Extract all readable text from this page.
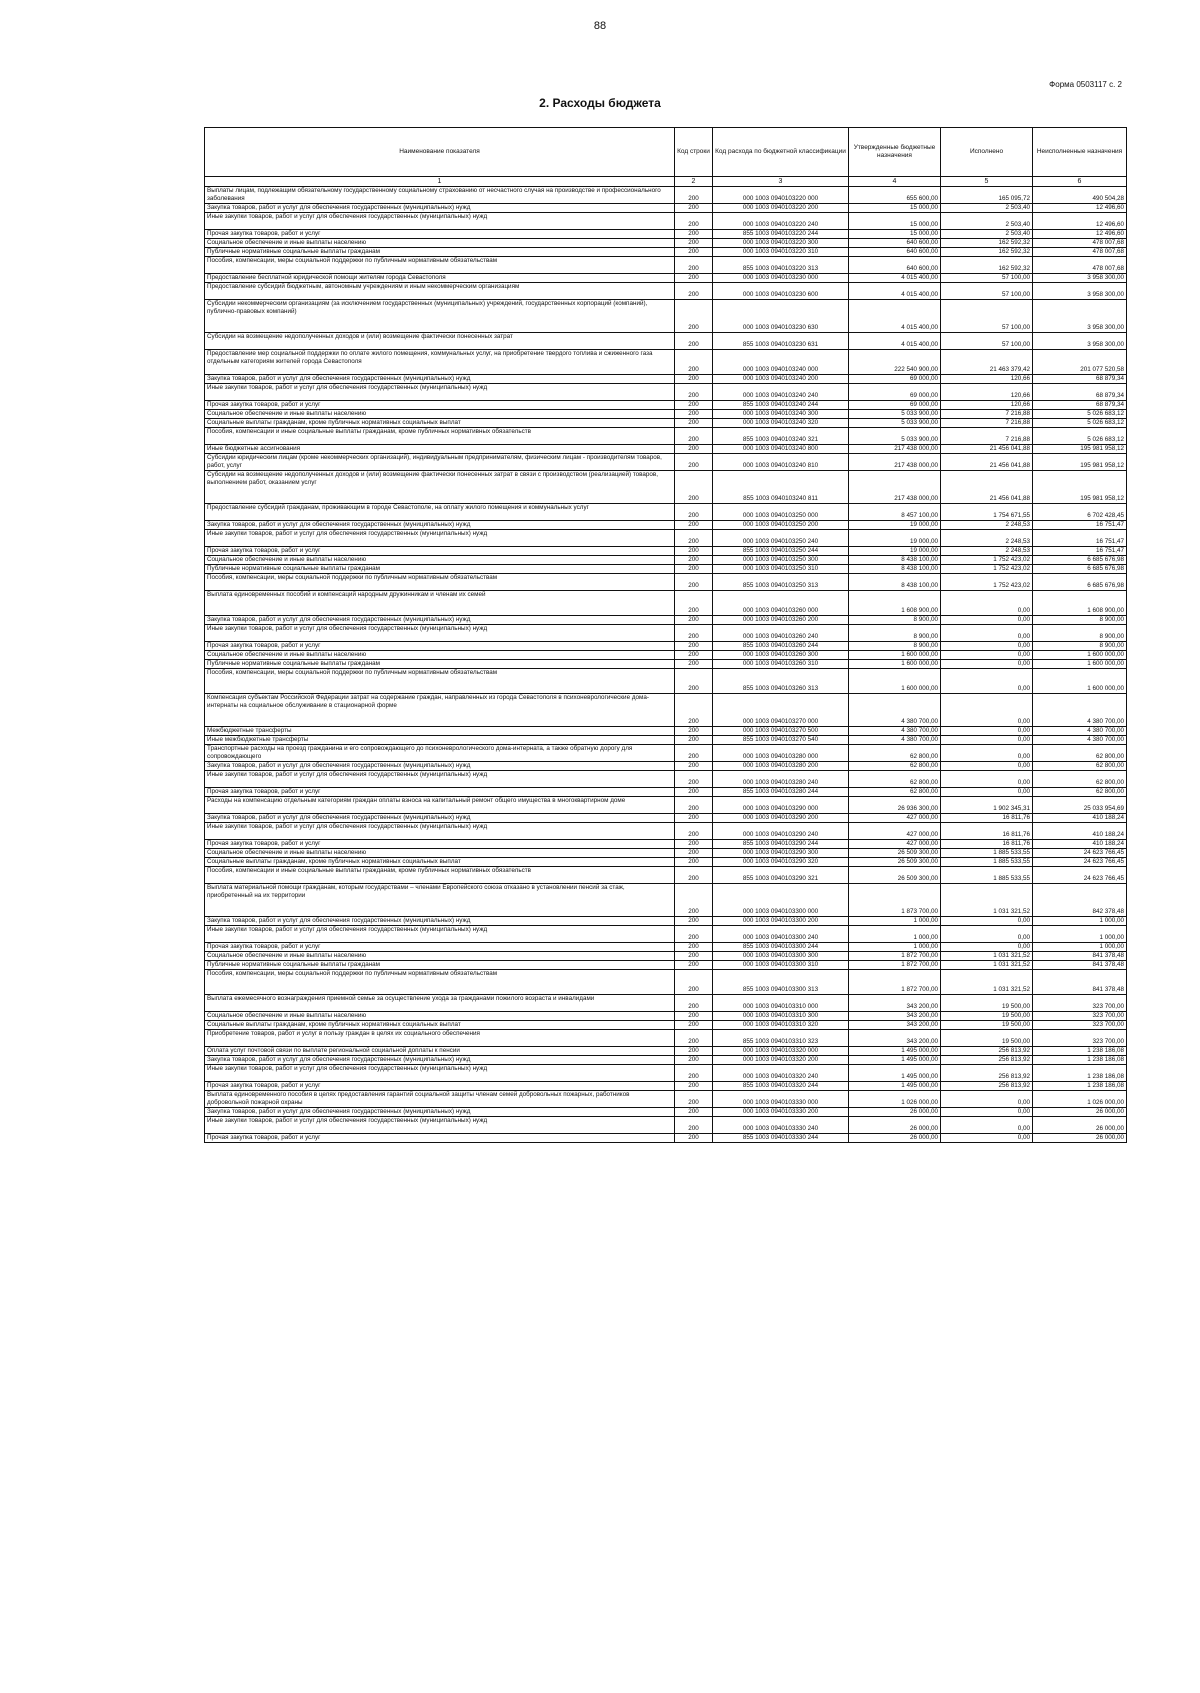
88
Форма 0503117 с. 2
2. Расходы бюджета
Наименование показателя	Код строки	Код расхода по бюджетной классификации	Утвержденные бюджетные назначения	Исполнено	Неисполненные назначения
1	2	3	4	5	6
Выплаты лицам, подлежащим обязательному государственному социальному страхованию от несчастного случая на производстве и профессионального заболевания	200	000 1003 0940103220 000	655 600,00	165 095,72	490 504,28
Закупка товаров, работ и услуг для обеспечения государственных (муниципальных) нужд	200	000 1003 0940103220 200	15 000,00	2 503,40	12 496,60
Иные закупки товаров, работ и услуг для обеспечения государственных (муниципальных) нужд	200	000 1003 0940103220 240	15 000,00	2 503,40	12 496,60
Прочая закупка товаров, работ и услуг	200	855 1003 0940103220 244	15 000,00	2 503,40	12 496,60
Социальное обеспечение и иные выплаты населению	200	000 1003 0940103220 300	640 600,00	162 592,32	478 007,68
Публичные нормативные социальные выплаты гражданам	200	000 1003 0940103220 310	640 600,00	162 592,32	478 007,68
Пособия, компенсации, меры социальной поддержки по публичным нормативным обязательствам	200	855 1003 0940103220 313	640 600,00	162 592,32	478 007,68
Предоставление бесплатной юридической помощи жителям города Севастополя	200	000 1003 0940103230 000	4 015 400,00	57 100,00	3 958 300,00
Предоставление субсидий бюджетным, автономным учреждениям и иным некоммерческим организациям	200	000 1003 0940103230 600	4 015 400,00	57 100,00	3 958 300,00
Субсидии некоммерческим организациям (за исключением государственных (муниципальных) учреждений, государственных корпораций (компаний), публично-правовых компаний)	200	000 1003 0940103230 630	4 015 400,00	57 100,00	3 958 300,00
Субсидии на возмещение недополученных доходов и (или) возмещение фактически понесенных затрат	200	855 1003 0940103230 631	4 015 400,00	57 100,00	3 958 300,00
Предоставление мер социальной поддержки по оплате жилого помещения, коммунальных услуг, на приобретение твердого топлива и сжиженного газа отдельным категориям жителей города Севастополя	200	000 1003 0940103240 000	222 540 900,00	21 463 379,42	201 077 520,58
Закупка товаров, работ и услуг для обеспечения государственных (муниципальных) нужд	200	000 1003 0940103240 200	69 000,00	120,66	68 879,34
Иные закупки товаров, работ и услуг для обеспечения государственных (муниципальных) нужд	200	000 1003 0940103240 240	69 000,00	120,66	68 879,34
Прочая закупка товаров, работ и услуг	200	855 1003 0940103240 244	69 000,00	120,66	68 879,34
Социальное обеспечение и иные выплаты населению	200	000 1003 0940103240 300	5 033 900,00	7 216,88	5 026 683,12
Социальные выплаты гражданам, кроме публичных нормативных социальных выплат	200	000 1003 0940103240 320	5 033 900,00	7 216,88	5 026 683,12
Пособия, компенсации и иные социальные выплаты гражданам, кроме публичных нормативных обязательств	200	855 1003 0940103240 321	5 033 900,00	7 216,88	5 026 683,12
Иные бюджетные ассигнования	200	000 1003 0940103240 800	217 438 000,00	21 456 041,88	195 981 958,12
Субсидии юридическим лицам (кроме некоммерческих организаций), индивидуальным предпринимателям, физическим лицам - производителям товаров, работ, услуг	200	000 1003 0940103240 810	217 438 000,00	21 456 041,88	195 981 958,12
Субсидии на возмещение недополученных доходов и (или) возмещение фактически понесенных затрат в связи с производством (реализацией) товаров, выполнением работ, оказанием услуг	200	855 1003 0940103240 811	217 438 000,00	21 456 041,88	195 981 958,12
Предоставление субсидий гражданам, проживающим в городе Севастополе, на оплату жилого помещения и коммунальных услуг	200	000 1003 0940103250 000	8 457 100,00	1 754 671,55	6 702 428,45
Закупка товаров, работ и услуг для обеспечения государственных (муниципальных) нужд	200	000 1003 0940103250 200	19 000,00	2 248,53	16 751,47
Иные закупки товаров, работ и услуг для обеспечения государственных (муниципальных) нужд	200	000 1003 0940103250 240	19 000,00	2 248,53	16 751,47
Прочая закупка товаров, работ и услуг	200	855 1003 0940103250 244	19 000,00	2 248,53	16 751,47
Социальное обеспечение и иные выплаты населению	200	000 1003 0940103250 300	8 438 100,00	1 752 423,02	6 685 676,98
Публичные нормативные социальные выплаты гражданам	200	000 1003 0940103250 310	8 438 100,00	1 752 423,02	6 685 676,98
Пособия, компенсации, меры социальной поддержки по публичным нормативным обязательствам	200	855 1003 0940103250 313	8 438 100,00	1 752 423,02	6 685 676,98
Выплата единовременных пособий и компенсаций народным дружинникам и членам их семей	200	000 1003 0940103260 000	1 608 900,00	0,00	1 608 900,00
Закупка товаров, работ и услуг для обеспечения государственных (муниципальных) нужд	200	000 1003 0940103260 200	8 900,00	0,00	8 900,00
Иные закупки товаров, работ и услуг для обеспечения государственных (муниципальных) нужд	200	000 1003 0940103260 240	8 900,00	0,00	8 900,00
Прочая закупка товаров, работ и услуг	200	855 1003 0940103260 244	8 900,00	0,00	8 900,00
Социальное обеспечение и иные выплаты населению	200	000 1003 0940103260 300	1 600 000,00	0,00	1 600 000,00
Публичные нормативные социальные выплаты гражданам	200	000 1003 0940103260 310	1 600 000,00	0,00	1 600 000,00
Пособия, компенсации, меры социальной поддержки по публичным нормативным обязательствам	200	855 1003 0940103260 313	1 600 000,00	0,00	1 600 000,00
Компенсация субъектам Российской Федерации затрат на содержание граждан, направленных из города Севастополя в психоневрологические дома-интернаты на социальное обслуживание в стационарной форме	200	000 1003 0940103270 000	4 380 700,00	0,00	4 380 700,00
Межбюджетные трансферты	200	000 1003 0940103270 500	4 380 700,00	0,00	4 380 700,00
Иные межбюджетные трансферты	200	855 1003 0940103270 540	4 380 700,00	0,00	4 380 700,00
Транспортные расходы на проезд гражданина и его сопровождающего до психоневрологического дома-интерната, а также обратную дорогу для сопровождающего	200	000 1003 0940103280 000	62 800,00	0,00	62 800,00
Закупка товаров, работ и услуг для обеспечения государственных (муниципальных) нужд	200	000 1003 0940103280 200	62 800,00	0,00	62 800,00
Иные закупки товаров, работ и услуг для обеспечения государственных (муниципальных) нужд	200	000 1003 0940103280 240	62 800,00	0,00	62 800,00
Прочая закупка товаров, работ и услуг	200	855 1003 0940103280 244	62 800,00	0,00	62 800,00
Расходы на компенсацию отдельным категориям граждан оплаты взноса на капитальный ремонт общего имущества в многоквартирном доме	200	000 1003 0940103290 000	26 936 300,00	1 902 345,31	25 033 954,69
Закупка товаров, работ и услуг для обеспечения государственных (муниципальных) нужд	200	000 1003 0940103290 200	427 000,00	16 811,76	410 188,24
Иные закупки товаров, работ и услуг для обеспечения государственных (муниципальных) нужд	200	000 1003 0940103290 240	427 000,00	16 811,76	410 188,24
Прочая закупка товаров, работ и услуг	200	855 1003 0940103290 244	427 000,00	16 811,76	410 188,24
Социальное обеспечение и иные выплаты населению	200	000 1003 0940103290 300	26 509 300,00	1 885 533,55	24 623 766,45
Социальные выплаты гражданам, кроме публичных нормативных социальных выплат	200	000 1003 0940103290 320	26 509 300,00	1 885 533,55	24 623 766,45
Пособия, компенсации и иные социальные выплаты гражданам, кроме публичных нормативных обязательств	200	855 1003 0940103290 321	26 509 300,00	1 885 533,55	24 623 766,45
Выплата материальной помощи гражданам, которым государствами – членами Европейского союза отказано в установлении пенсий за стаж, приобретенный на их территории	200	000 1003 0940103300 000	1 873 700,00	1 031 321,52	842 378,48
Закупка товаров, работ и услуг для обеспечения государственных (муниципальных) нужд	200	000 1003 0940103300 200	1 000,00	0,00	1 000,00
Иные закупки товаров, работ и услуг для обеспечения государственных (муниципальных) нужд	200	000 1003 0940103300 240	1 000,00	0,00	1 000,00
Прочая закупка товаров, работ и услуг	200	855 1003 0940103300 244	1 000,00	0,00	1 000,00
Социальное обеспечение и иные выплаты населению	200	000 1003 0940103300 300	1 872 700,00	1 031 321,52	841 378,48
Публичные нормативные социальные выплаты гражданам	200	000 1003 0940103300 310	1 872 700,00	1 031 321,52	841 378,48
Пособия, компенсации, меры социальной поддержки по публичным нормативным обязательствам	200	855 1003 0940103300 313	1 872 700,00	1 031 321,52	841 378,48
Выплата ежемесячного вознаграждения приемной семье за осуществление ухода за гражданами пожилого возраста и инвалидами	200	000 1003 0940103310 000	343 200,00	19 500,00	323 700,00
Социальное обеспечение и иные выплаты населению	200	000 1003 0940103310 300	343 200,00	19 500,00	323 700,00
Социальные выплаты гражданам, кроме публичных нормативных социальных выплат	200	000 1003 0940103310 320	343 200,00	19 500,00	323 700,00
Приобретение товаров, работ и услуг в пользу граждан в целях их социального обеспечения	200	855 1003 0940103310 323	343 200,00	19 500,00	323 700,00
Оплата услуг почтовой связи по выплате региональной социальной доплаты к пенсии	200	000 1003 0940103320 000	1 495 000,00	256 813,92	1 238 186,08
Закупка товаров, работ и услуг для обеспечения государственных (муниципальных) нужд	200	000 1003 0940103320 200	1 495 000,00	256 813,92	1 238 186,08
Иные закупки товаров, работ и услуг для обеспечения государственных (муниципальных) нужд	200	000 1003 0940103320 240	1 495 000,00	256 813,92	1 238 186,08
Прочая закупка товаров, работ и услуг	200	855 1003 0940103320 244	1 495 000,00	256 813,92	1 238 186,08
Выплата единовременного пособия в целях предоставления гарантий социальной защиты членам семей добровольных пожарных, работников добровольной пожарной охраны	200	000 1003 0940103330 000	1 026 000,00	0,00	1 026 000,00
Закупка товаров, работ и услуг для обеспечения государственных (муниципальных) нужд	200	000 1003 0940103330 200	26 000,00	0,00	26 000,00
Иные закупки товаров, работ и услуг для обеспечения государственных (муниципальных) нужд	200	000 1003 0940103330 240	26 000,00	0,00	26 000,00
Прочая закупка товаров, работ и услуг	200	855 1003 0940103330 244	26 000,00	0,00	26 000,00
